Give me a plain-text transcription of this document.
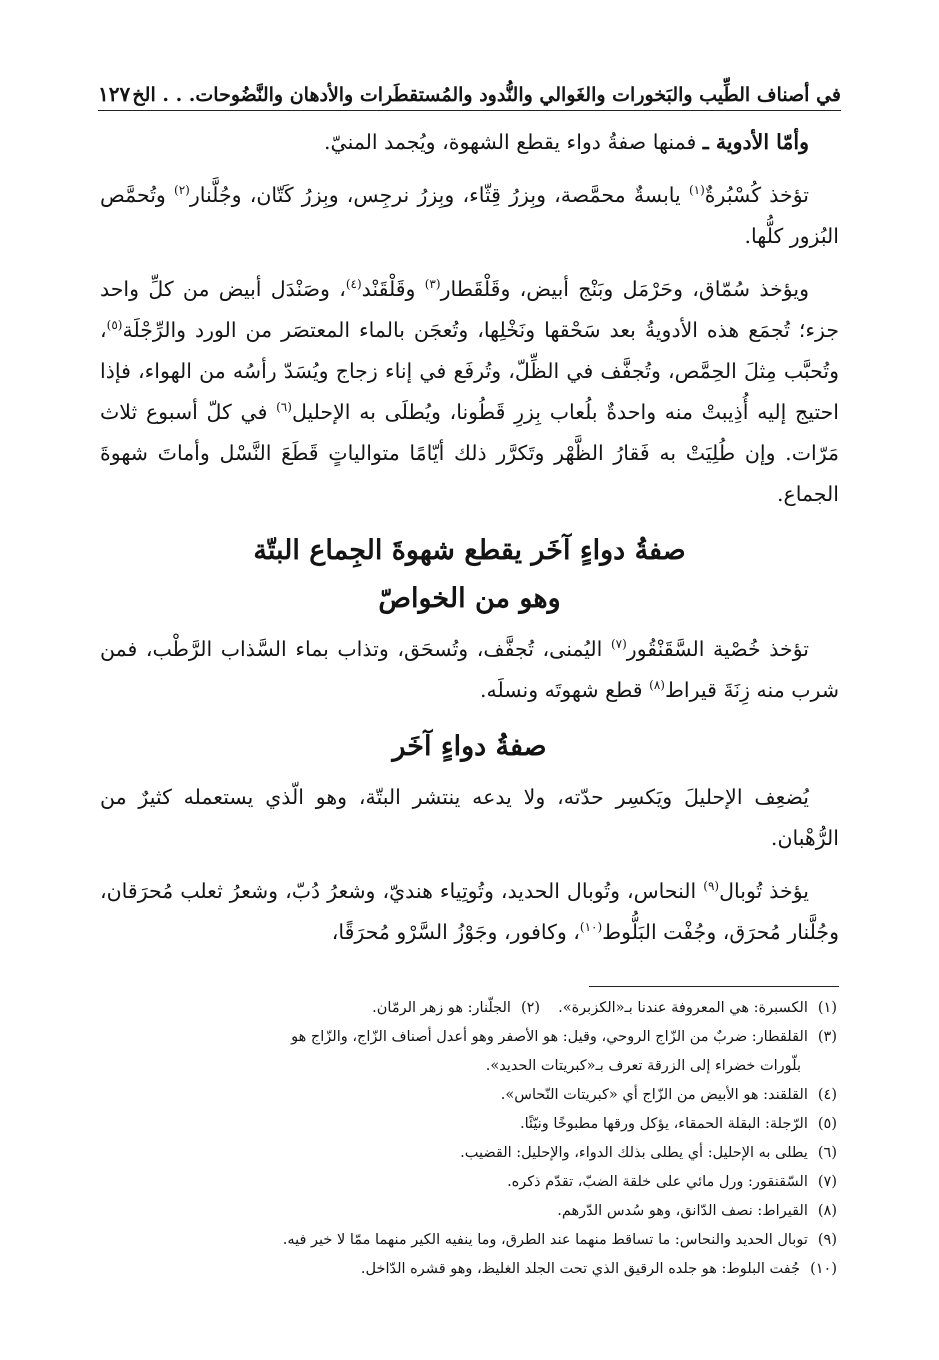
في أصناف الطِّيب والبَخورات والغَوالي والنُّدود والمُستقطَرات والأدهان والنَّضُوحات. . . الخ
١٢٧

وأمّا الأدوية ـ فمنها صفةُ دواء يقطع الشهوة، ويُجمد المنيّ.

تؤخذ كُسْبُرةٌ$^{(١)}$ يابسةٌ محمَّصة، وبِزرُ قِثّاء، وبِزرُ نرجِس، وبِزرُ كَتّان، وجُلَّنار$^{(٢)}$ وتُحمَّص البُزور كلُّها.

ويؤخذ سُمّاق، وحَرْمَل وبَنْج أبيض، وقَلْقَطار$^{(٣)}$ وقَلْقَنْد$^{(٤)}$، وصَنْدَل أبيض من كلِّ واحد جزء؛ تُجمَع هذه الأدويةُ بعد سَحْقها ونَخْلِها، وتُعجَن بالماء المعتصَر من الورد والرِّجْلَة$^{(٥)}$، وتُحبَّب مِثلَ الحِمَّص، وتُجفَّف في الظِّلّ، وتُرفَع في إناء زجاج ويُسَدّ رأسُه من الهواء، فإذا احتيج إليه أُذِيبتْ منه واحدةٌ بلُعاب بِزرِ قَطُونا، ويُطلَى به الإحليل$^{(٦)}$ في كلّ أسبوع ثلاث مَرّات. وإن طُلِيَتْ به فَقارُ الظَّهْر وتَكرَّر ذلك أيّامًا متوالياتٍ قَطَعَ النَّسْل وأماتَ شهوةَ الجماع.

صفةُ دواءٍ آخَر يقطع شهوةَ الجِماع البتّة
وهو من الخواصّ

تؤخذ خُصْية السَّقَنْقُور$^{(٧)}$ اليُمنى، تُجفَّف، وتُسحَق، وتذاب بماء السَّذاب الرَّطْب، فمن شرب منه زِنَةَ قيراط$^{(٨)}$ قطع شهوتَه ونسلَه.

صفةُ دواءٍ آخَر

يُضعِف الإحليلَ ويَكسِر حدّته، ولا يدعه ينتشر البتّة، وهو الّذي يستعمله كثيرٌ من الرُّهْبان.

يؤخذ تُوبال$^{(٩)}$ النحاس، وتُوبال الحديد، وتُوتِياء هنديّ، وشعرُ دُبّ، وشعرُ ثعلب مُحرَقان، وجُلَّنار مُحرَق، وجُفْت البَلُّوط$^{(١٠)}$، وكافور، وجَوْزُ السَّرْو مُحرَقًا،

(١)الكسبرة: هي المعروفة عندنا بـ«الكزبرة».
(٢)الجلّنار: هو زهر الرمّان.
(٣)
القلقطار: ضربٌ من الزّاج الروحي، وقيل: هو الأصفر وهو أعدل أصناف الزّاج، والزّاج هو
بلّورات خضراء إلى الزرقة تعرف بـ«كبريتات الحديد».
(٤)
القلقند: هو الأبيض من الزّاج أي «كبريتات النّحاس».
(٥)
الرّجلة: البقلة الحمقاء، يؤكل ورقها مطبوخًا ونيّئًا.
(٦)
يطلى به الإحليل: أي يطلى بذلك الدواء، والإحليل: القضيب.
(٧)
السّقنقور: ورل مائي على خلقة الضبّ، تقدّم ذكره.
(٨)
القيراط: نصف الدّانق، وهو سُدس الدّرهم.
(٩)
توبال الحديد والنحاس: ما تساقط منهما عند الطرق، وما ينفيه الكير منهما ممّا لا خير فيه.
(١٠)
جُفت البلوط: هو جلده الرقيق الذي تحت الجلد الغليظ، وهو قشره الدّاخل.
